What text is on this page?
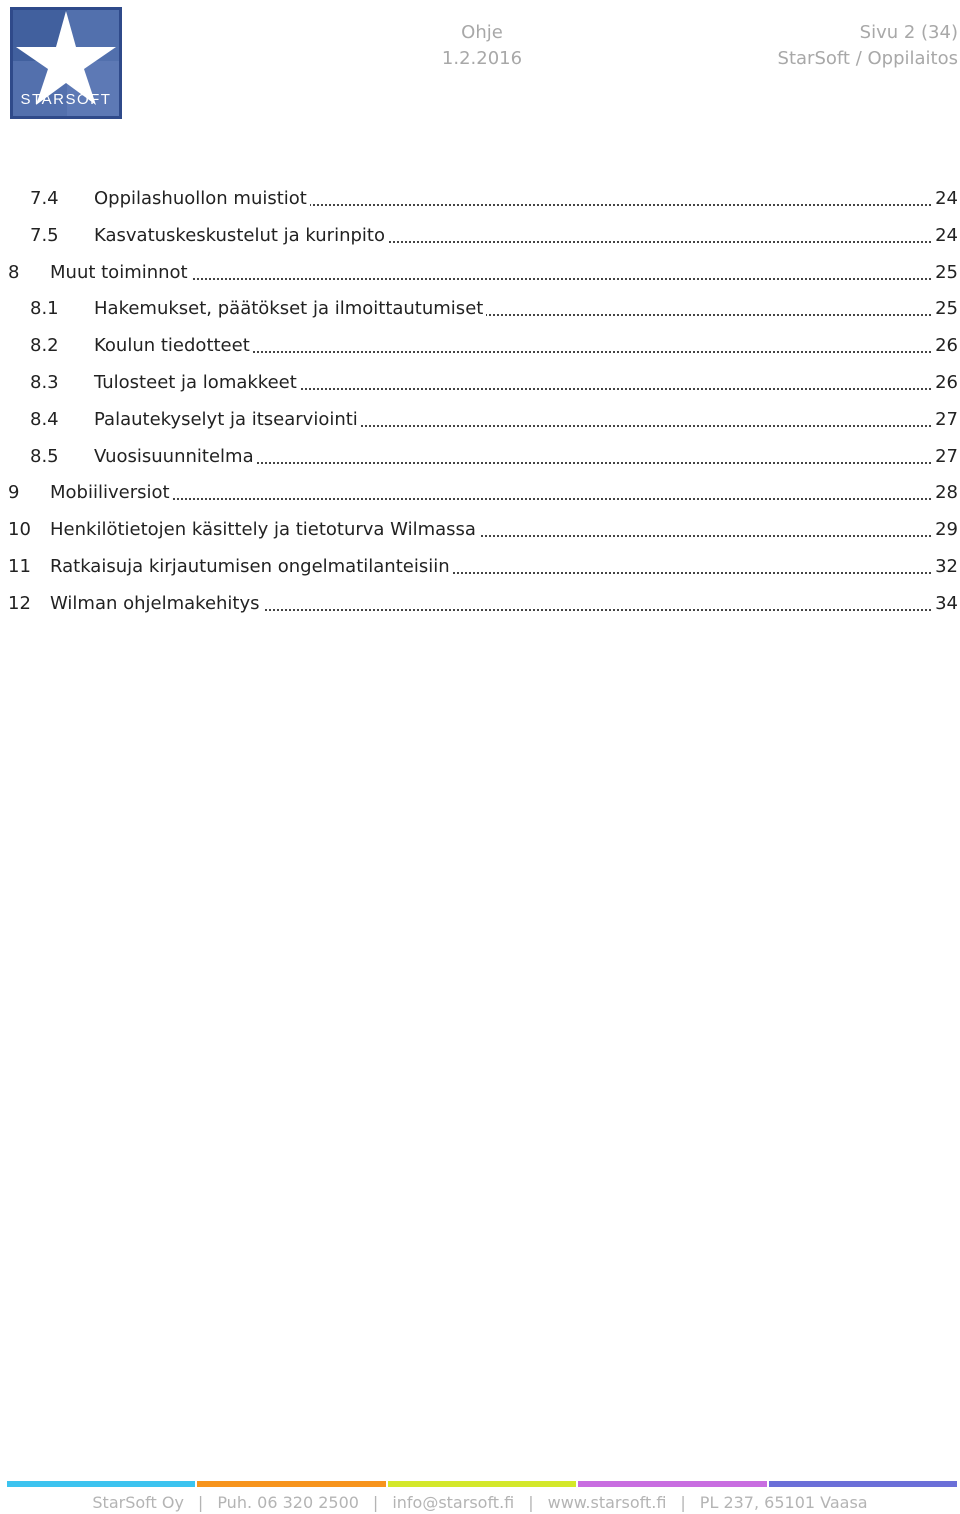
STARSOFT
Ohje
1.2.2016
Sivu 2 (34)
StarSoft / Oppilaitos
7.4 Oppilashuollon muistiot	24
7.5 Kasvatuskeskustelut ja kurinpito	24
8 Muut toiminnot	25
8.1 Hakemukset, päätökset ja ilmoittautumiset	25
8.2 Koulun tiedotteet	26
8.3 Tulosteet ja lomakkeet	26
8.4 Palautekyselyt ja itsearviointi	27
8.5 Vuosisuunnitelma	27
9 Mobiiliversiot	28
10 Henkilötietojen käsittely ja tietoturva Wilmassa	29
11 Ratkaisuja kirjautumisen ongelmatilanteisiin	32
12 Wilman ohjelmakehitys	34
StarSoft Oy | Puh. 06 320 2500 | info@starsoft.fi | www.starsoft.fi | PL 237, 65101 Vaasa
